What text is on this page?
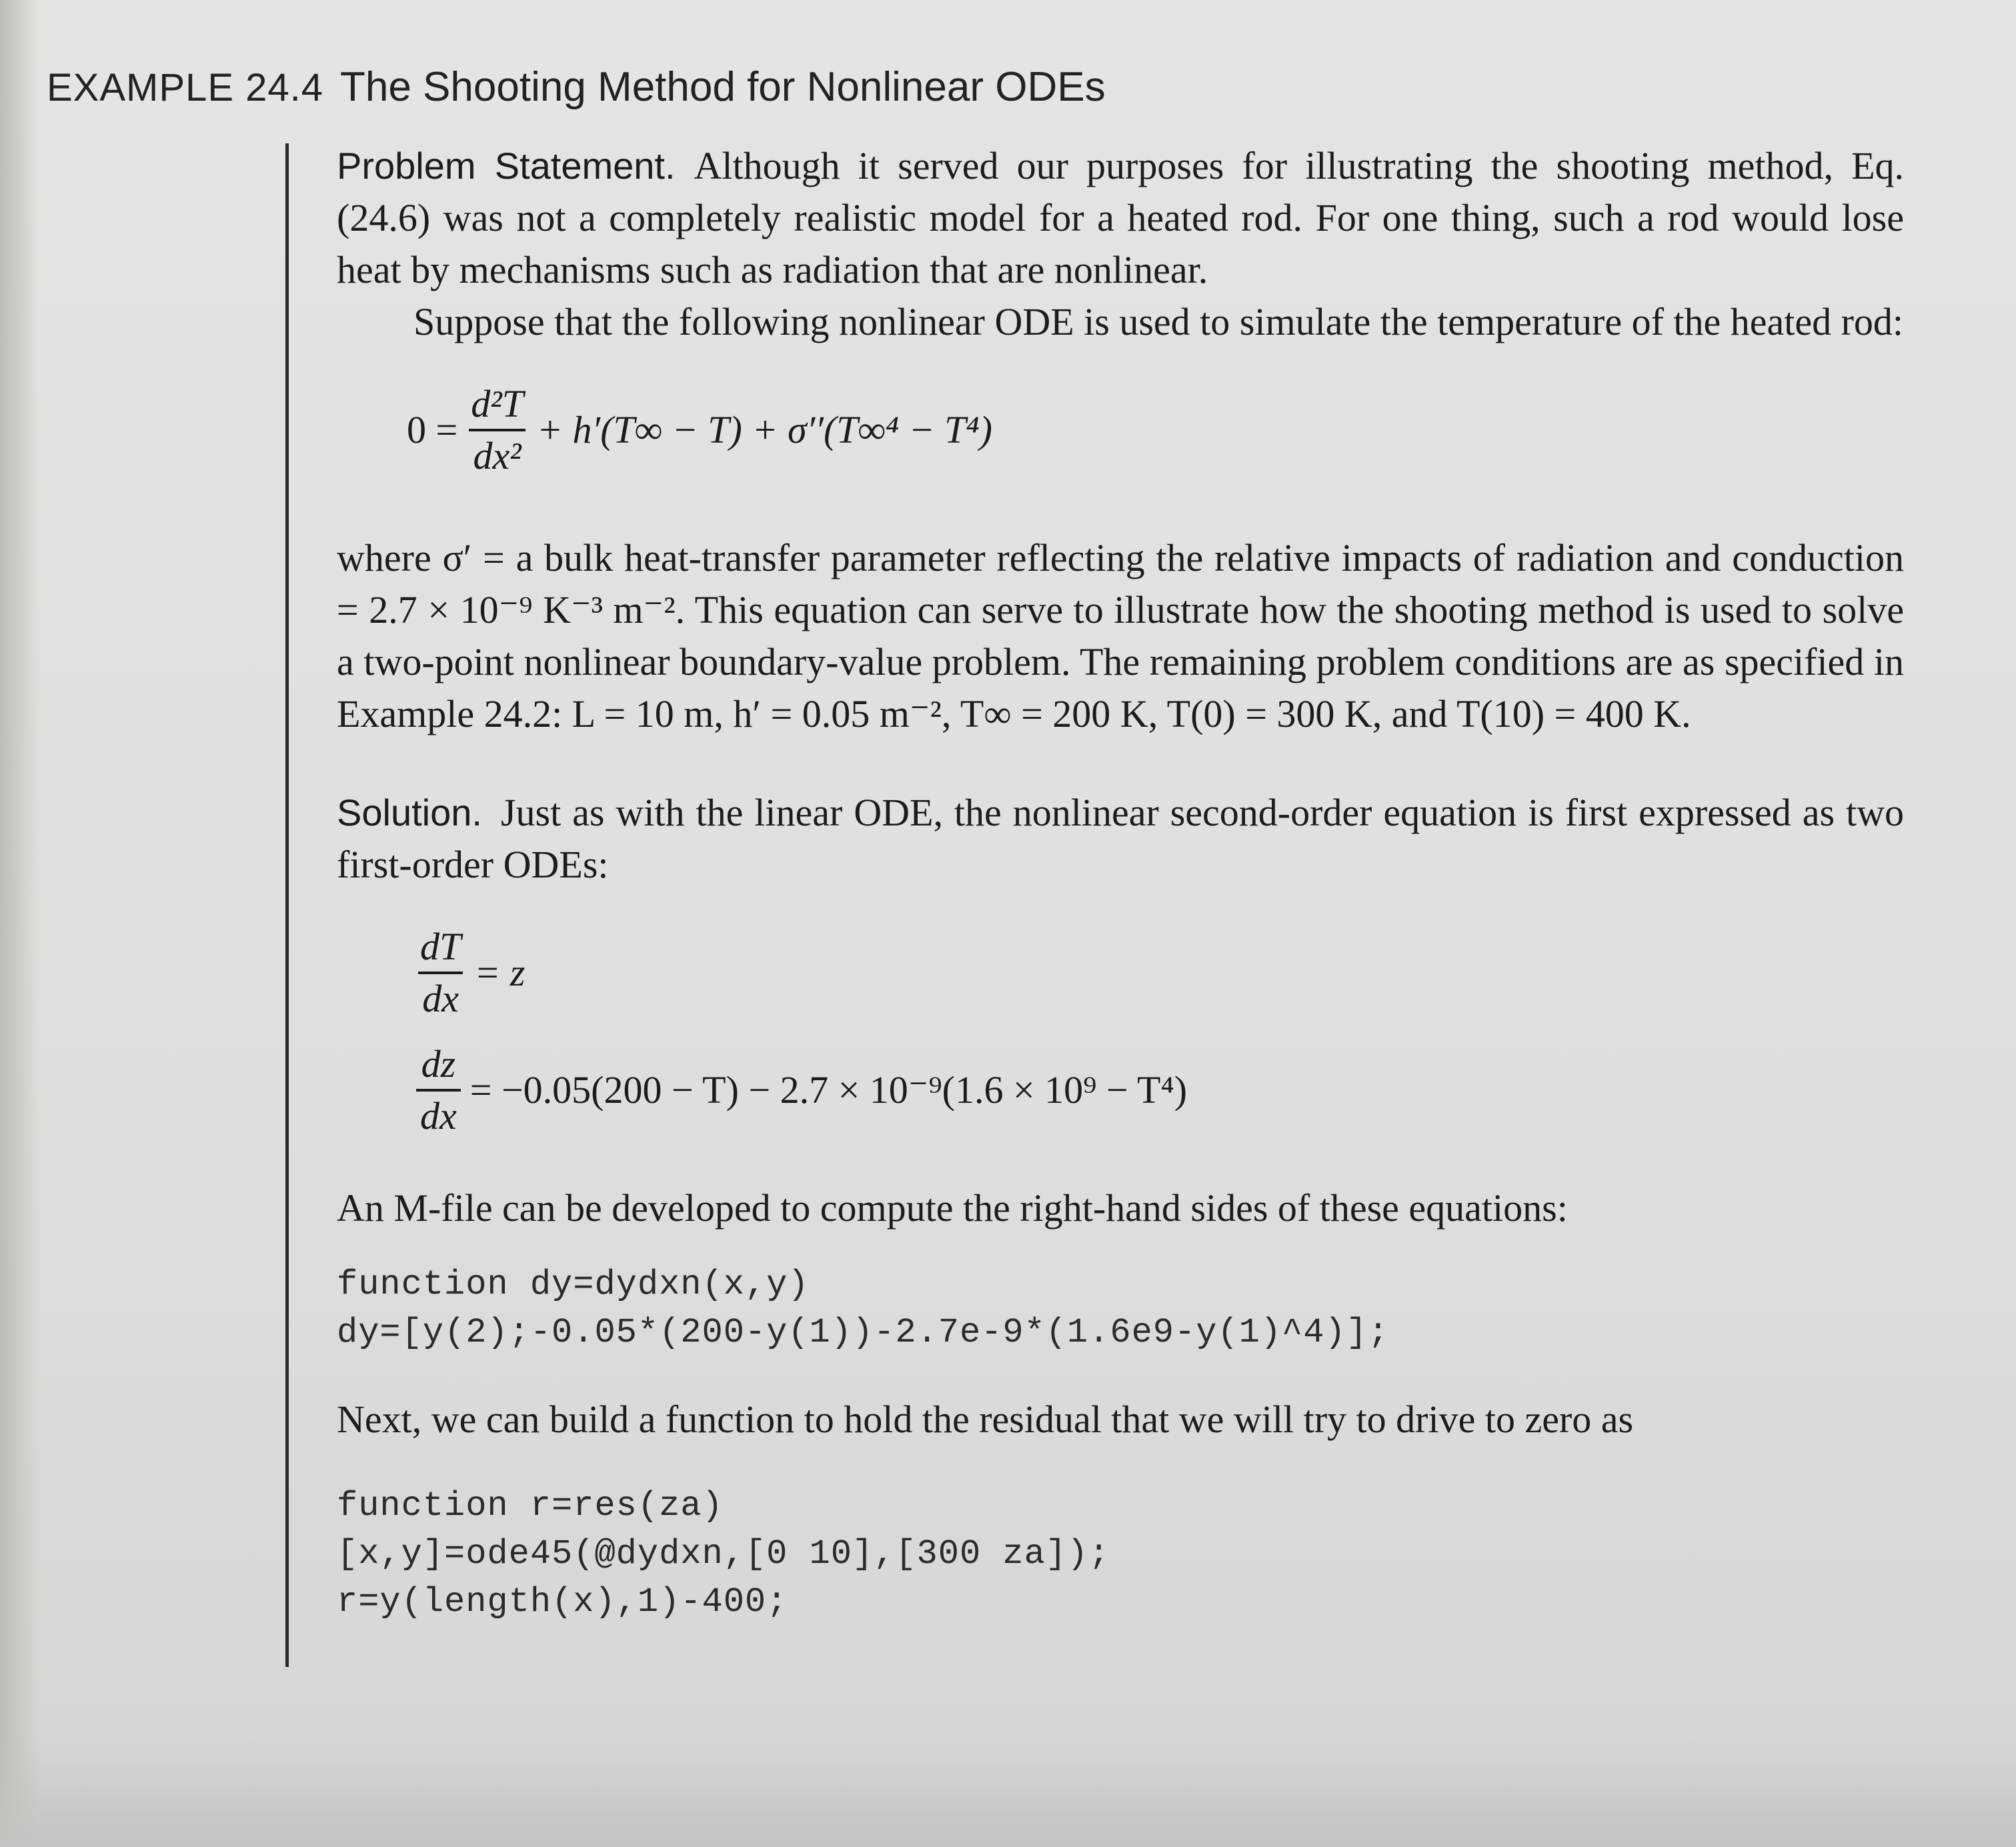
EXAMPLE 24.4 The Shooting Method for Nonlinear ODEs

Problem Statement. Although it served our purposes for illustrating the shooting method, Eq. (24.6) was not a completely realistic model for a heated rod. For one thing, such a rod would lose heat by mechanisms such as radiation that are nonlinear.

Suppose that the following nonlinear ODE is used to simulate the temperature of the heated rod:

$0 = \frac{\text{d²T}}{\text{dx²}} + h'(T\infty - T) + \sigma''(T\infty^4 - T^4)$

where σ′ = a bulk heat-transfer parameter reflecting the relative impacts of radiation and conduction = 2.7 × 10⁻⁹ K⁻³ m⁻². This equation can serve to illustrate how the shooting method is used to solve a two-point nonlinear boundary-value problem. The remaining problem conditions are as specified in Example 24.2: L = 10 m, h′ = 0.05 m⁻², T∞ = 200 K, T(0) = 300 K, and T(10) = 400 K.

Solution. Just as with the linear ODE, the nonlinear second-order equation is first expressed as two first-order ODEs:

$\frac{dT}{dx} = z$
$\frac{dz}{dx} = -0.05(200 - T) - 2.7 \times 10^{-9}(1.6 \times 10^9 - T^4)$

An M-file can be developed to compute the right-hand sides of these equations:

function dy=dydxn(x,y)

dy=[y(2);-0.05*(200-y(1))-2.7e-9*(1.6e9-y(1)^4)];

Next, we can build a function to hold the residual that we will try to drive to zero as

function r=res(za)

[x,y]=ode45(@dydxn,[0 10],[300 za]);

r=y(length(x),1)-400;
